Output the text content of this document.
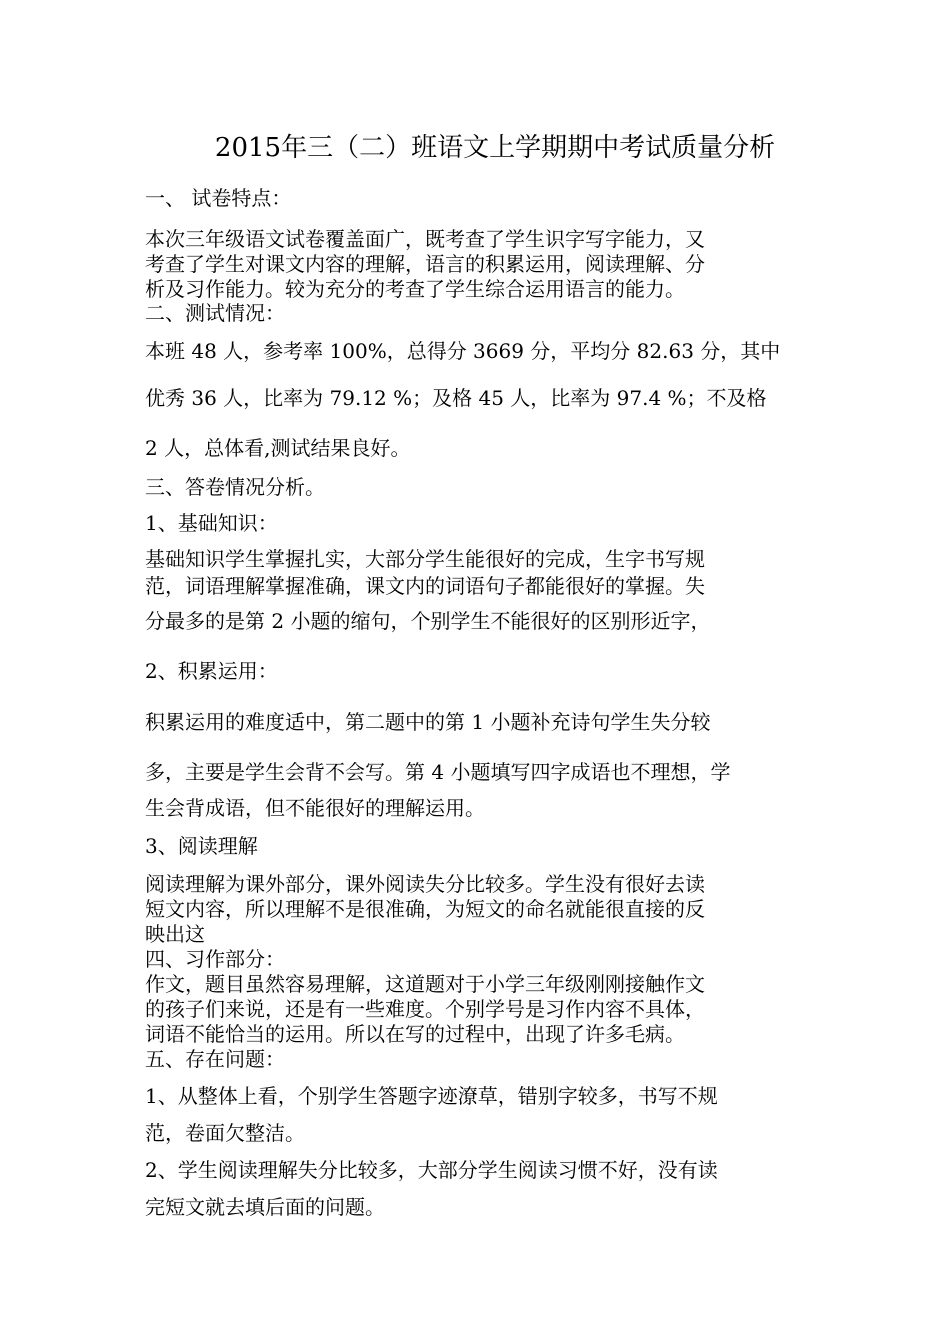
2015年三（二）班语文上学期期中考试质量分析

一、 试卷特点：

本次三年级语文试卷覆盖面广，既考查了学生识字写字能力，又

考查了学生对课文内容的理解，语言的积累运用，阅读理解、分

析及习作能力。较为充分的考查了学生综合运用语言的能力。

二、测试情况：

本班 48 人，参考率 100%，总得分 3669 分，平均分 82.63 分，其中

优秀 36 人，比率为 79.12 %；及格 45 人，比率为 97.4 %；不及格

2 人，总体看,测试结果良好。

三、答卷情况分析。

1、基础知识：

基础知识学生掌握扎实，大部分学生能很好的完成，生字书写规

范，词语理解掌握准确，课文内的词语句子都能很好的掌握。失

分最多的是第 2 小题的缩句，个别学生不能很好的区别形近字，

2、积累运用：

积累运用的难度适中，第二题中的第 1 小题补充诗句学生失分较

多，主要是学生会背不会写。第 4 小题填写四字成语也不理想，学

生会背成语，但不能很好的理解运用。

3、阅读理解

阅读理解为课外部分，课外阅读失分比较多。学生没有很好去读

短文内容，所以理解不是很准确，为短文的命名就能很直接的反

映出这

四、习作部分：

作文，题目虽然容易理解，这道题对于小学三年级刚刚接触作文

的孩子们来说，还是有一些难度。个别学号是习作内容不具体，

词语不能恰当的运用。所以在写的过程中，出现了许多毛病。

五、存在问题：

1、从整体上看，个别学生答题字迹潦草，错别字较多，书写不规

范，卷面欠整洁。

2、学生阅读理解失分比较多，大部分学生阅读习惯不好，没有读

完短文就去填后面的问题。
